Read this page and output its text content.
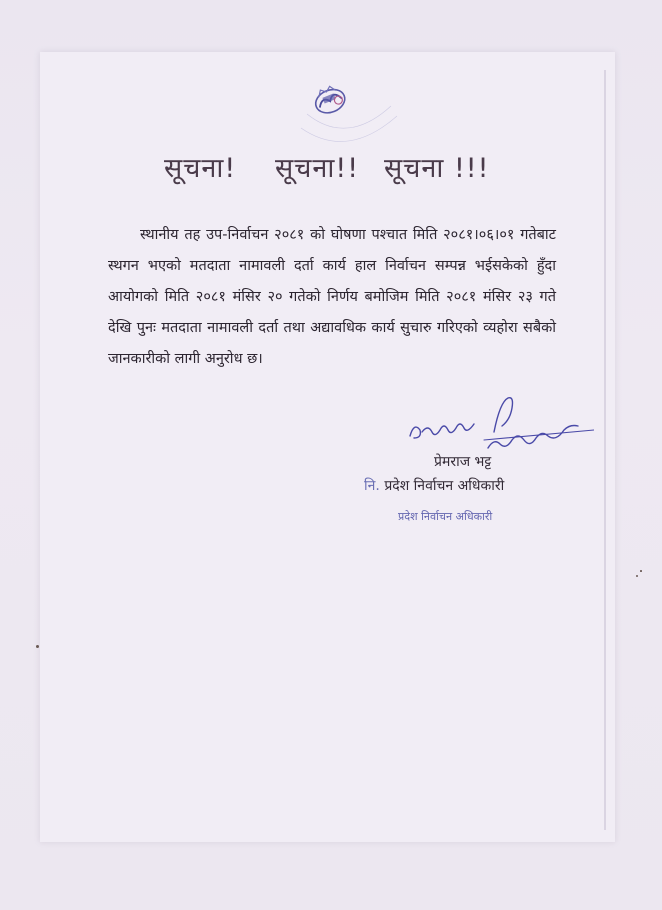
सूचना! सूचना!! सूचना !!!
स्थानीय तह उप-निर्वाचन २०८१ को घोषणा पश्चात मिति २०८१।०६।०१ गतेबाट स्थगन भएको मतदाता नामावली दर्ता कार्य हाल निर्वाचन सम्पन्न भईसकेको हुँदा आयोगको मिति २०८१ मंसिर २० गतेको निर्णय बमोजिम मिति २०८१ मंसिर २३ गते देखि पुनः मतदाता नामावली दर्ता तथा अद्यावधिक कार्य सुचारु गरिएको व्यहोरा सबैको जानकारीको लागी अनुरोध छ।
प्रेमराज भट्ट
नि. प्रदेश निर्वाचन अधिकारी
प्रदेश निर्वाचन अधिकारी
